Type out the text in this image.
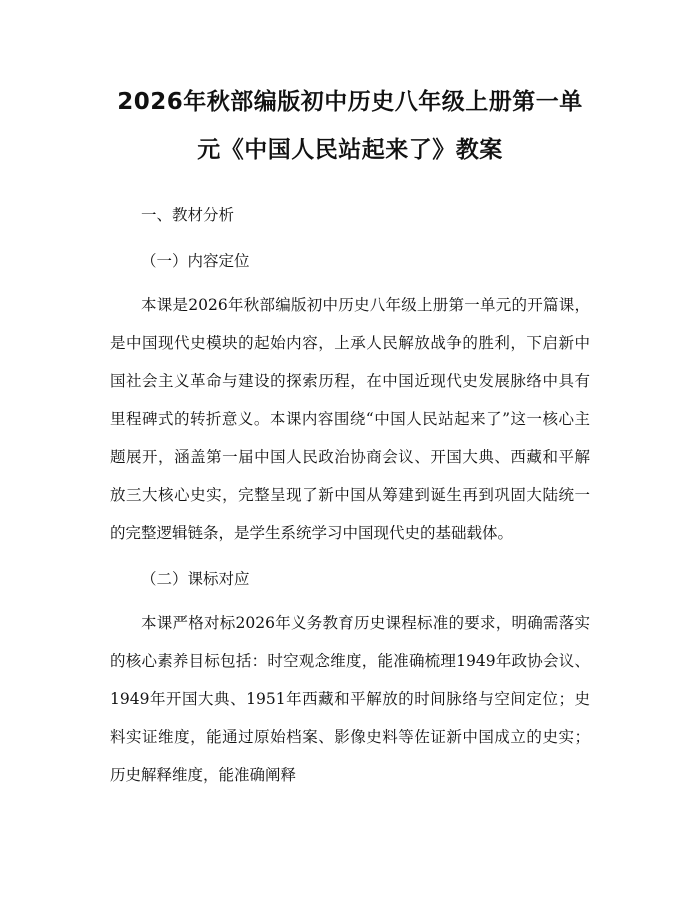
2026年秋部编版初中历史八年级上册第一单
元《中国人民站起来了》教案

一、教材分析

（一）内容定位

本课是2026年秋部编版初中历史八年级上册第一单元的开篇课，是中国现代史模块的起始内容，上承人民解放战争的胜利，下启新中国社会主义革命与建设的探索历程，在中国近现代史发展脉络中具有里程碑式的转折意义。本课内容围绕“中国人民站起来了”这一核心主题展开，涵盖第一届中国人民政治协商会议、开国大典、西藏和平解放三大核心史实，完整呈现了新中国从筹建到诞生再到巩固大陆统一的完整逻辑链条，是学生系统学习中国现代史的基础载体。

（二）课标对应

本课严格对标2026年义务教育历史课程标准的要求，明确需落实的核心素养目标包括：时空观念维度，能准确梳理1949年政协会议、1949年开国大典、1951年西藏和平解放的时间脉络与空间定位；史料实证维度，能通过原始档案、影像史料等佐证新中国成立的史实；历史解释维度，能准确阐释
